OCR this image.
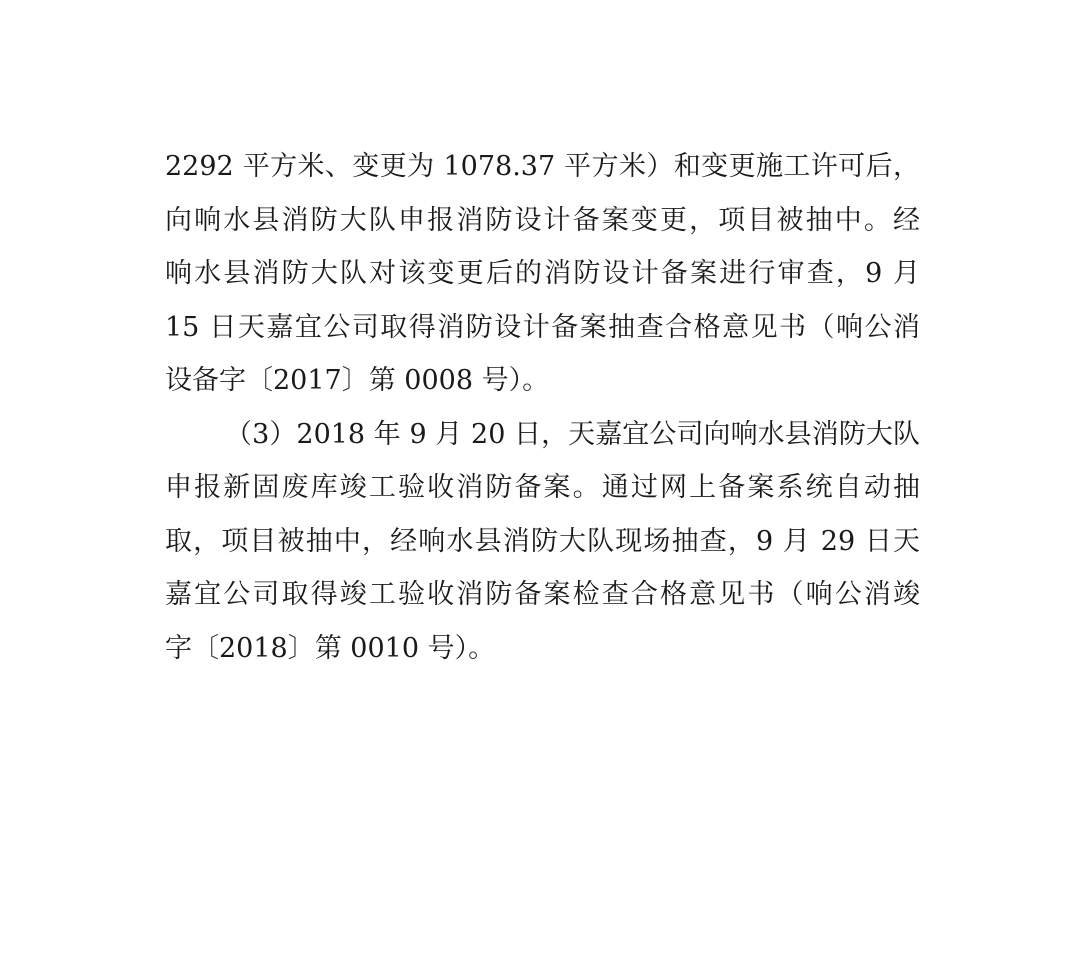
2292 平方米、变更为 1078.37 平方米）和变更施工许可后，
向响水县消防大队申报消防设计备案变更，项目被抽中。经
响水县消防大队对该变更后的消防设计备案进行审查，9 月
15 日天嘉宜公司取得消防设计备案抽查合格意见书（响公消
设备字〔2017〕第 0008 号）。
（3）2018 年 9 月 20 日，天嘉宜公司向响水县消防大队
申报新固废库竣工验收消防备案。通过网上备案系统自动抽
取，项目被抽中，经响水县消防大队现场抽查，9 月 29 日天
嘉宜公司取得竣工验收消防备案检查合格意见书（响公消竣
字〔2018〕第 0010 号）。
